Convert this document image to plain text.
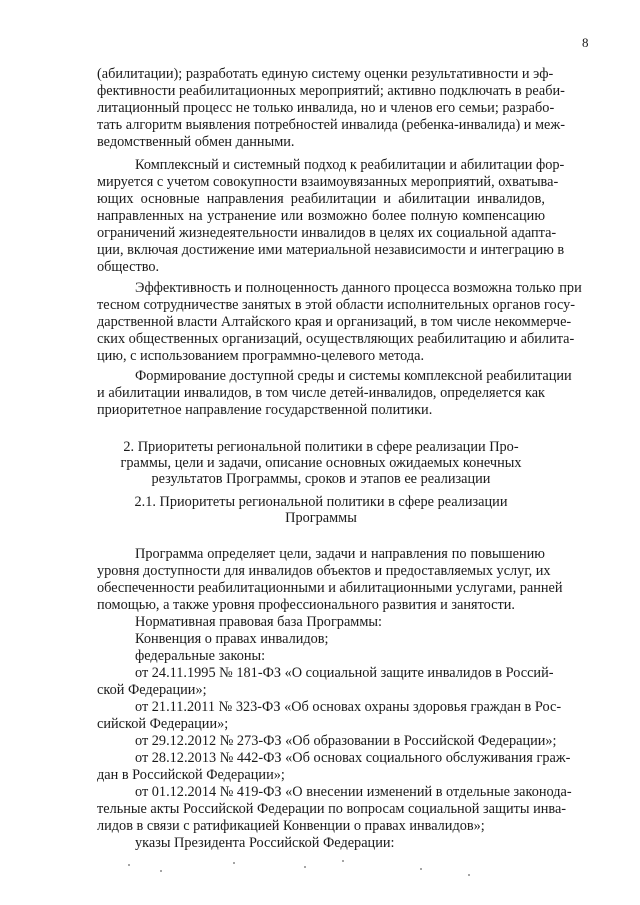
8
(абилитации); разработать единую систему оценки результативности и эф-
фективности реабилитационных мероприятий; активно подключать в реаби-
литационный процесс не только инвалида, но и членов его семьи; разрабо-
тать алгоритм выявления потребностей инвалида (ребенка-инвалида) и меж-
ведомственный обмен данными.
Комплексный и системный подход к реабилитации и абилитации фор-
мируется с учетом совокупности взаимоувязанных мероприятий, охватыва-
ющих основные направления реабилитации и абилитации инвалидов,
направленных на устранение или возможно более полную компенсацию
ограничений жизнедеятельности инвалидов в целях их социальной адапта-
ции, включая достижение ими материальной независимости и интеграцию в
общество.
Эффективность и полноценность данного процесса возможна только при
тесном сотрудничестве занятых в этой области исполнительных органов госу-
дарственной власти Алтайского края и организаций, в том числе некоммерче-
ских общественных организаций, осуществляющих реабилитацию и абилита-
цию, с использованием программно-целевого метода.
Формирование доступной среды и системы комплексной реабилитации
и абилитации инвалидов, в том числе детей-инвалидов, определяется как
приоритетное направление государственной политики.
2. Приоритеты региональной политики в сфере реализации Про-
граммы, цели и задачи, описание основных ожидаемых конечных
результатов Программы, сроков и этапов ее реализации
2.1. Приоритеты региональной политики в сфере реализации
Программы
Программа определяет цели, задачи и направления по повышению
уровня доступности для инвалидов объектов и предоставляемых услуг, их
обеспеченности реабилитационными и абилитационными услугами, ранней
помощью, а также уровня профессионального развития и занятости.
Нормативная правовая база Программы:
Конвенция о правах инвалидов;
федеральные законы:
от 24.11.1995 № 181-ФЗ «О социальной защите инвалидов в Россий-
ской Федерации»;
от 21.11.2011 № 323-ФЗ «Об основах охраны здоровья граждан в Рос-
сийской Федерации»;
от 29.12.2012 № 273-ФЗ «Об образовании в Российской Федерации»;
от 28.12.2013 № 442-ФЗ «Об основах социального обслуживания граж-
дан в Российской Федерации»;
от 01.12.2014 № 419-ФЗ «О внесении изменений в отдельные законода-
тельные акты Российской Федерации по вопросам социальной защиты инва-
лидов в связи с ратификацией Конвенции о правах инвалидов»;
указы Президента Российской Федерации:
